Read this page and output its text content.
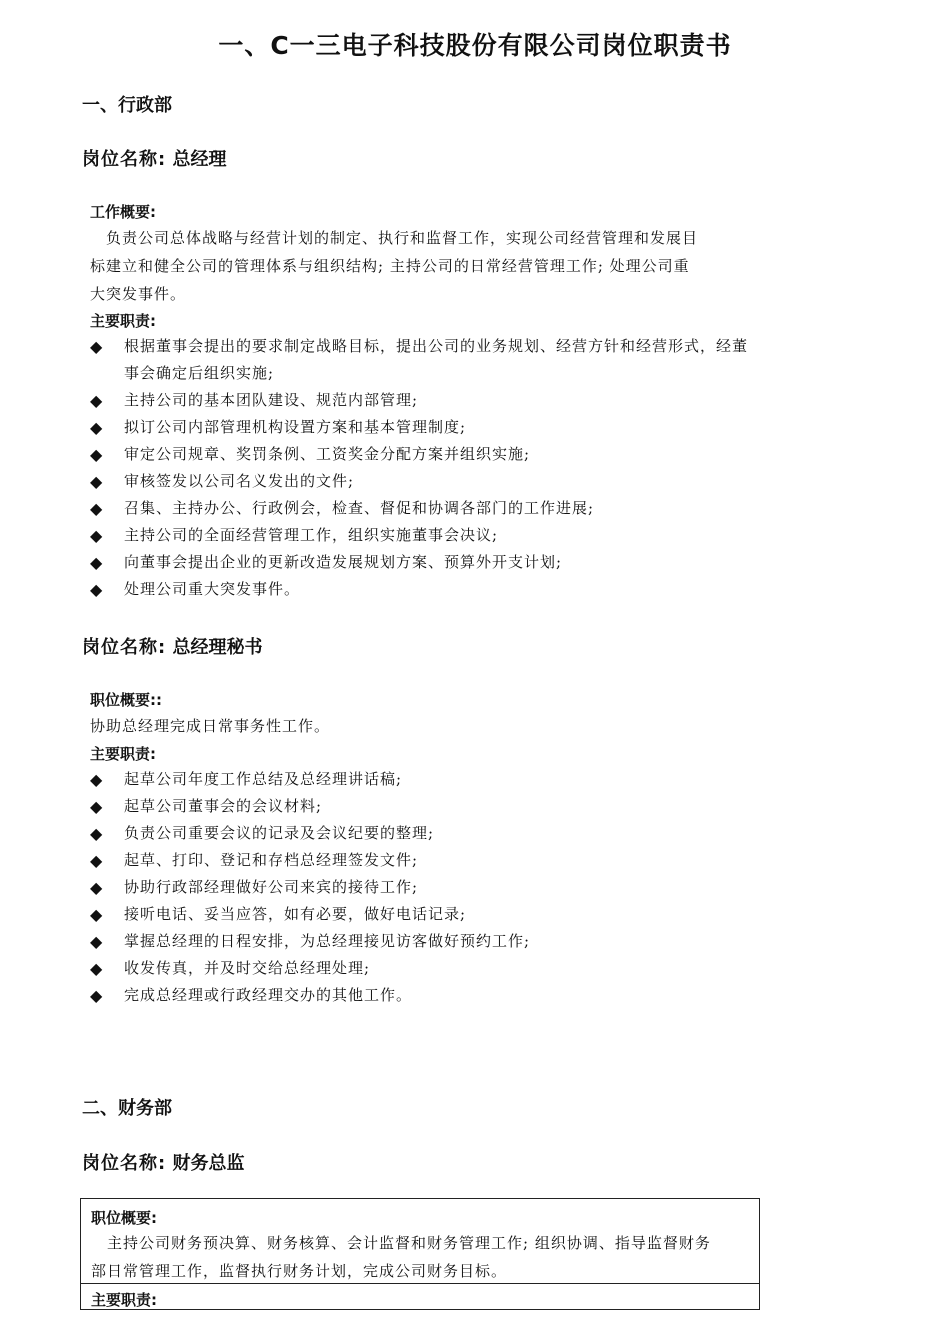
一、C一三电子科技股份有限公司岗位职责书
一、行政部
岗位名称: 总经理
工作概要:
负责公司总体战略与经营计划的制定、执行和监督工作，实现公司经营管理和发展目
标建立和健全公司的管理体系与组织结构; 主持公司的日常经营管理工作; 处理公司重
大突发事件。
主要职责:
◆ 根据董事会提出的要求制定战略目标，提出公司的业务规划、经营方针和经营形式，经董事会确定后组织实施;
◆ 主持公司的基本团队建设、规范内部管理;
◆ 拟订公司内部管理机构设置方案和基本管理制度;
◆ 审定公司规章、奖罚条例、工资奖金分配方案并组织实施;
◆ 审核签发以公司名义发出的文件;
◆ 召集、主持办公、行政例会，检查、督促和协调各部门的工作进展;
◆ 主持公司的全面经营管理工作，组织实施董事会决议;
◆ 向董事会提出企业的更新改造发展规划方案、预算外开支计划;
◆ 处理公司重大突发事件。
岗位名称: 总经理秘书
职位概要::
协助总经理完成日常事务性工作。
主要职责:
◆ 起草公司年度工作总结及总经理讲话稿;
◆ 起草公司董事会的会议材料;
◆ 负责公司重要会议的记录及会议纪要的整理;
◆ 起草、打印、登记和存档总经理签发文件;
◆ 协助行政部经理做好公司来宾的接待工作;
◆ 接听电话、妥当应答，如有必要，做好电话记录;
◆ 掌握总经理的日程安排，为总经理接见访客做好预约工作;
◆ 收发传真，并及时交给总经理处理;
◆ 完成总经理或行政经理交办的其他工作。
二、财务部
岗位名称: 财务总监
职位概要:
主持公司财务预决算、财务核算、会计监督和财务管理工作; 组织协调、指导监督财务
部日常管理工作，监督执行财务计划，完成公司财务目标。
主要职责:
